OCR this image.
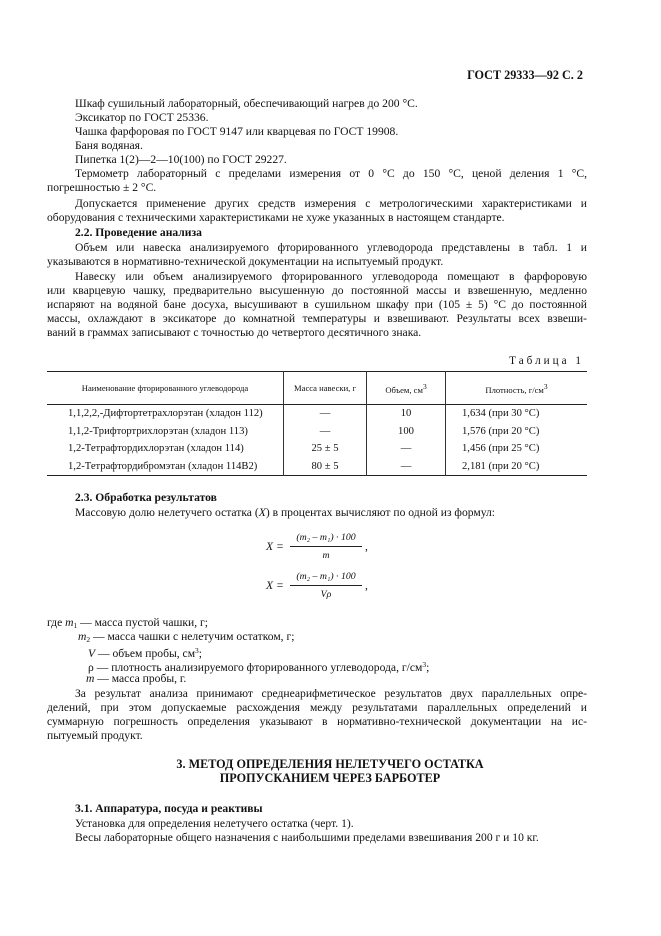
ГОСТ 29333—92 С. 2
Шкаф сушильный лабораторный, обеспечивающий нагрев до 200 °С.
Эксикатор по ГОСТ 25336.
Чашка фарфоровая по ГОСТ 9147 или кварцевая по ГОСТ 19908.
Баня водяная.
Пипетка 1(2)—2—10(100) по ГОСТ 29227.
Термометр лабораторный с пределами измерения от 0 °С до 150 °С, ценой деления 1 °С,
погрешностью ± 2 °С.
Допускается применение других средств измерения с метрологическими характеристиками и
оборудования с техническими характеристиками не хуже указанных в настоящем стандарте.
2.2. Проведение анализа
Объем или навеска анализируемого фторированного углеводорода представлены в табл. 1 и
указываются в нормативно-технической документации на испытуемый продукт.
Навеску или объем анализируемого фторированного углеводорода помещают в фарфоровую
или кварцевую чашку, предварительно высушенную до постоянной массы и взвешенную, медленно
испаряют на водяной бане досуха, высушивают в сушильном шкафу при (105 ± 5) °С до постоянной
массы, охлаждают в эксикаторе до комнатной температуры и взвешивают. Результаты всех взвеши-
ваний в граммах записывают с точностью до четвертого десятичного знака.
Таблица 1
Наименование фторированного углеводорода	Масса навески, г	Объем, $см^3$	Плотность, $г/см^3$
1,1,2,2,-Дифтортетрахлорэтан (хладон 112)	—	10	1,634 (при 30 °С)
1,1,2-Трифтортрихлорэтан (хладон 113)	—	100	1,576 (при 20 °С)
1,2-Тетрафтордихлорэтан (хладон 114)	25 ± 5	—	1,456 (при 25 °С)
1,2-Тетрафтордибромэтан (хладон 114В2)	80 ± 5	—	2,181 (при 20 °С)
2.3. Обработка результатов
Массовую долю нелетучего остатка (X) в процентах вычисляют по одной из формул:
X =
(m₂ – m₁) · 100
m
,
X =
(m₂ – m₁) · 100
Vρ
,
где $m_1$ — масса пустой чашки, г;
$m_2$ — масса чашки с нелетучим остатком, г;
V — объем пробы, $см^3$;
ρ — плотность анализируемого фторированного углеводорода, $г/см^3$;
m — масса пробы, г.
За результат анализа принимают среднеарифметическое результатов двух параллельных опре-
делений, при этом допускаемые расхождения между результатами параллельных определений и
суммарную погрешность определения указывают в нормативно-технической документации на ис-
пытуемый продукт.
3. МЕТОД ОПРЕДЕЛЕНИЯ НЕЛЕТУЧЕГО ОСТАТКА
ПРОПУСКАНИЕМ ЧЕРЕЗ БАРБОТЕР
3.1. Аппаратура, посуда и реактивы
Установка для определения нелетучего остатка (черт. 1).
Весы лабораторные общего назначения с наибольшими пределами взвешивания 200 г и 10 кг.
